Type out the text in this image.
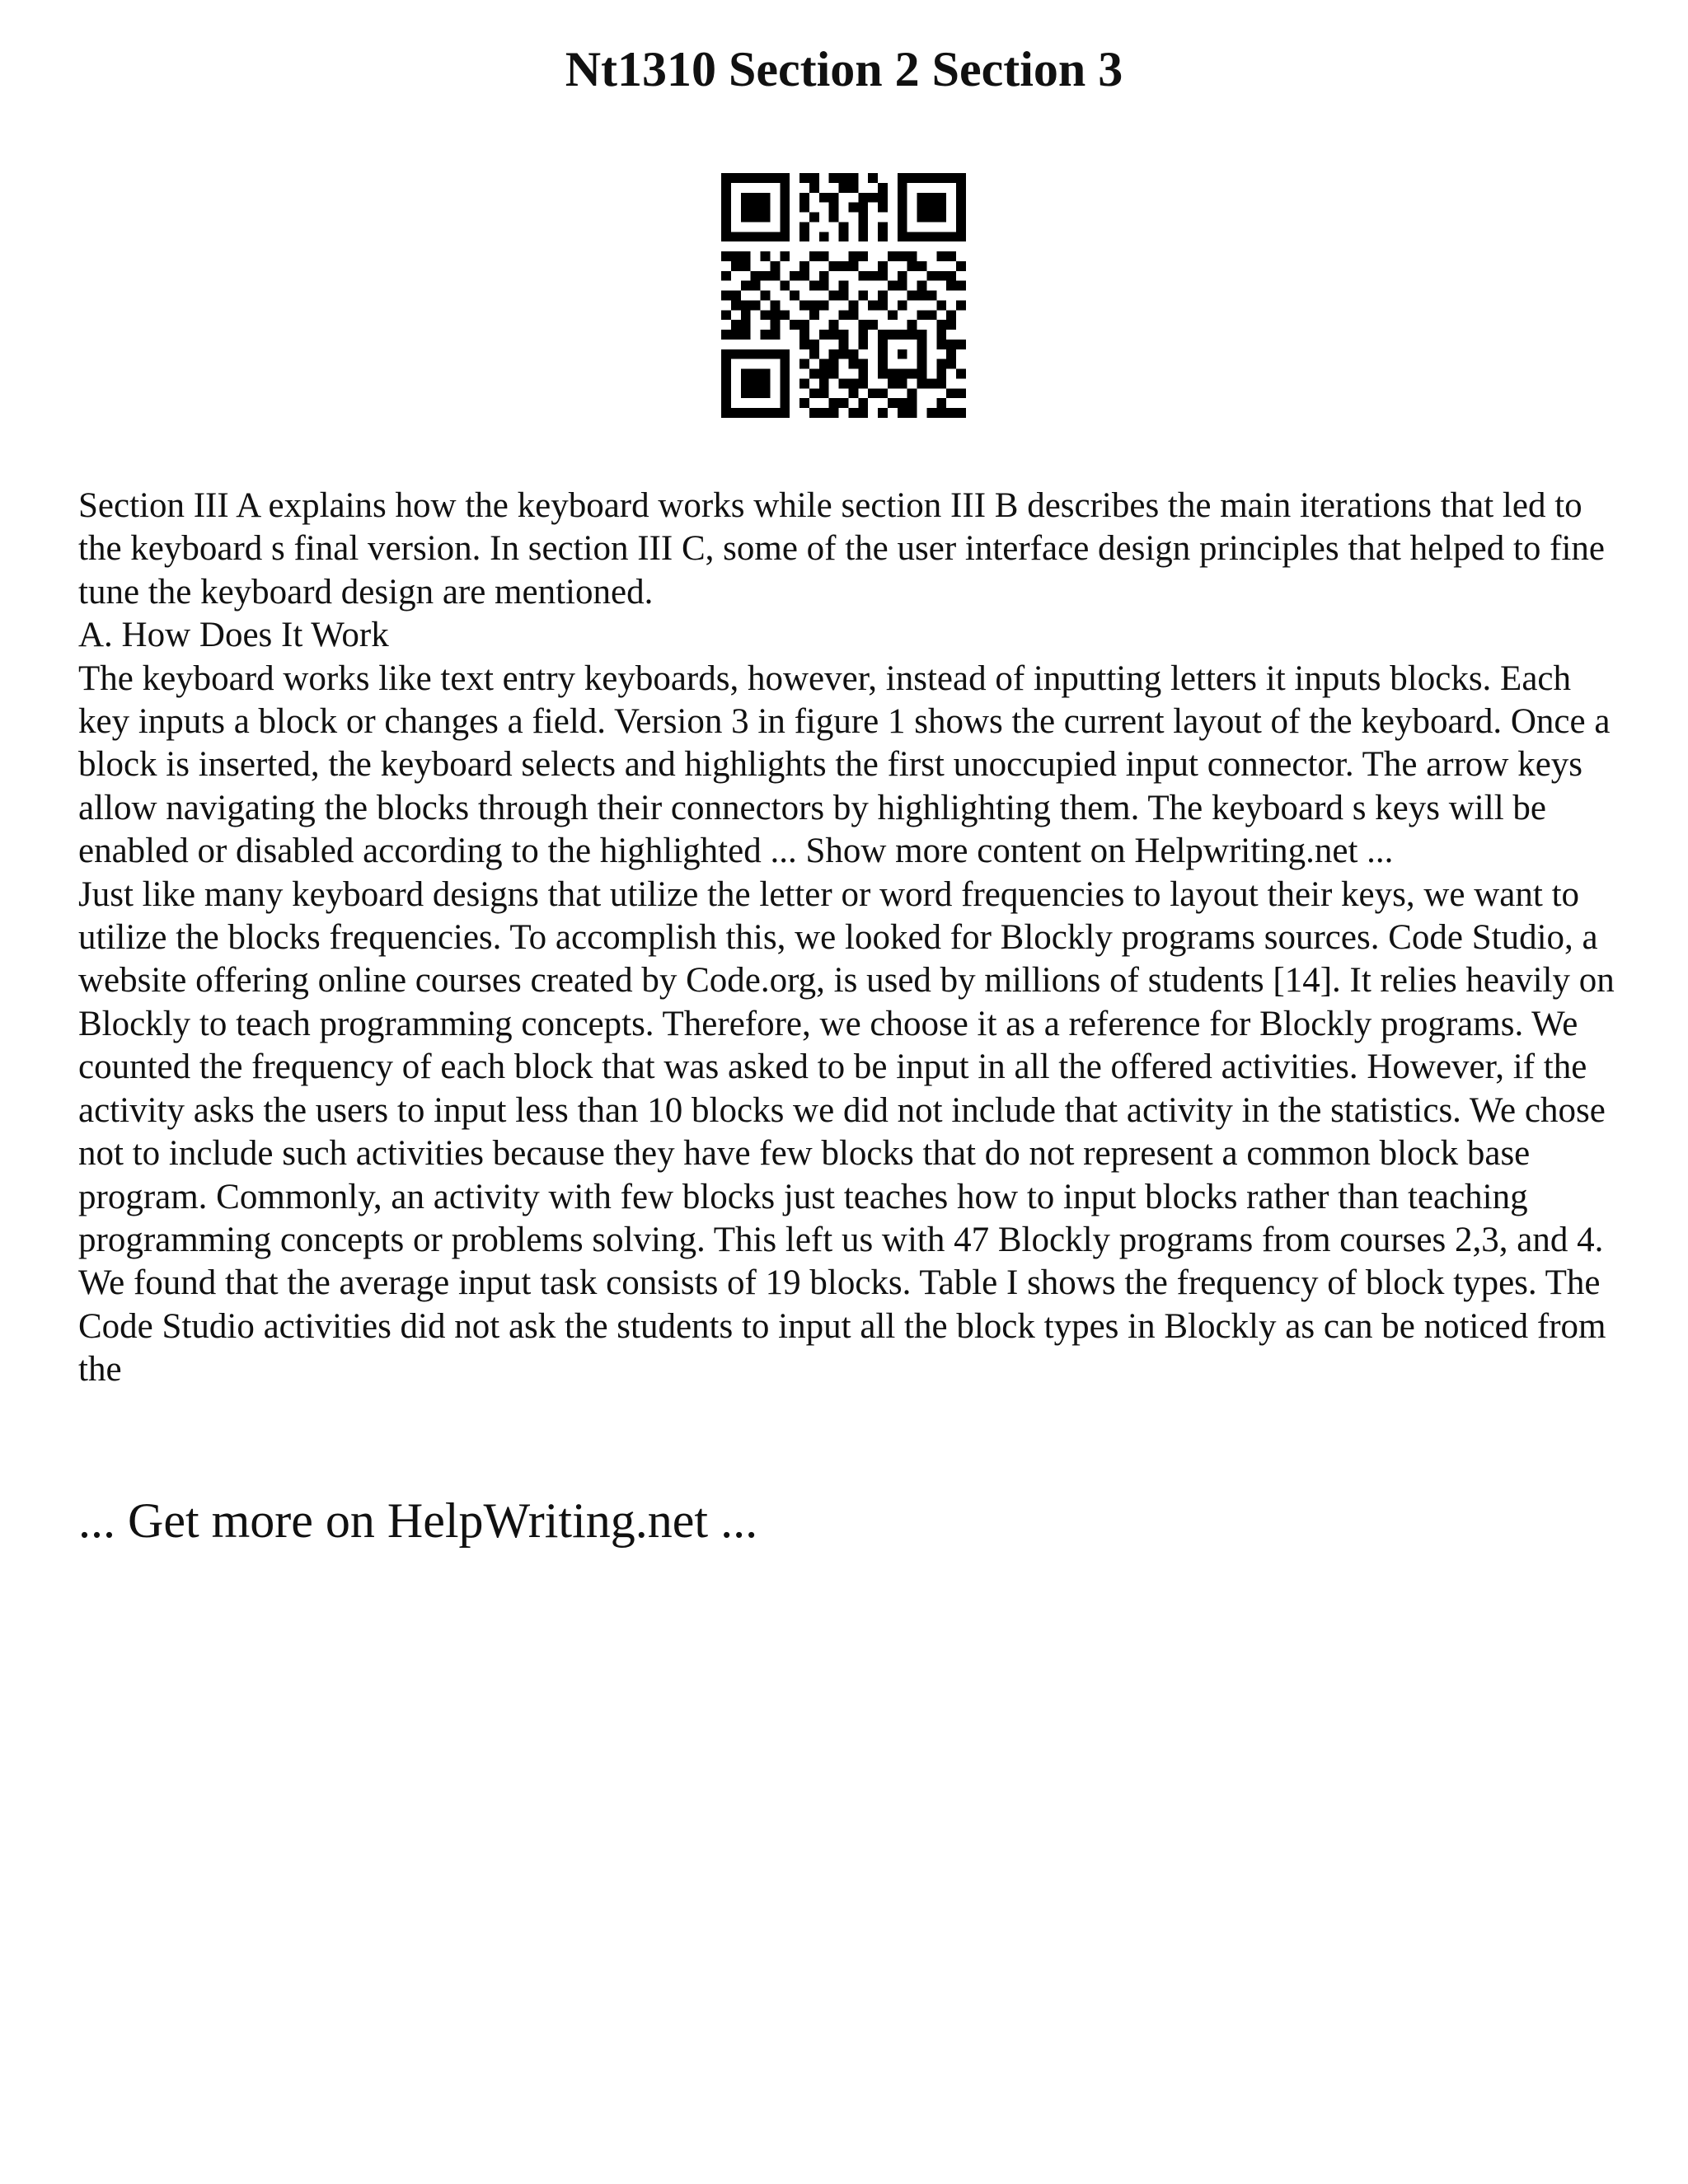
Nt1310 Section 2 Section 3

Section III A explains how the keyboard works while section III B describes the main iterations that led to the keyboard s final version. In section III C, some of the user interface design principles that helped to fine tune the keyboard design are mentioned.

A. How Does It Work

The keyboard works like text entry keyboards, however, instead of inputting letters it inputs blocks. Each key inputs a block or changes a field. Version 3 in figure 1 shows the current layout of the keyboard. Once a block is inserted, the keyboard selects and highlights the first unoccupied input connector. The arrow keys allow navigating the blocks through their connectors by highlighting them. The keyboard s keys will be enabled or disabled according to the highlighted ... Show more content on Helpwriting.net ...

Just like many keyboard designs that utilize the letter or word frequencies to layout their keys, we want to utilize the blocks frequencies. To accomplish this, we looked for Blockly programs sources. Code Studio, a website offering online courses created by Code.org, is used by millions of students [14]. It relies heavily on Blockly to teach programming concepts. Therefore, we choose it as a reference for Blockly programs. We counted the frequency of each block that was asked to be input in all the offered activities. However, if the activity asks the users to input less than 10 blocks we did not include that activity in the statistics. We chose not to include such activities because they have few blocks that do not represent a common block base program. Commonly, an activity with few blocks just teaches how to input blocks rather than teaching programming concepts or problems solving. This left us with 47 Blockly programs from courses 2,3, and 4. We found that the average input task consists of 19 blocks. Table I shows the frequency of block types. The Code Studio activities did not ask the students to input all the block types in Blockly as can be noticed from the

... Get more on HelpWriting.net ...
